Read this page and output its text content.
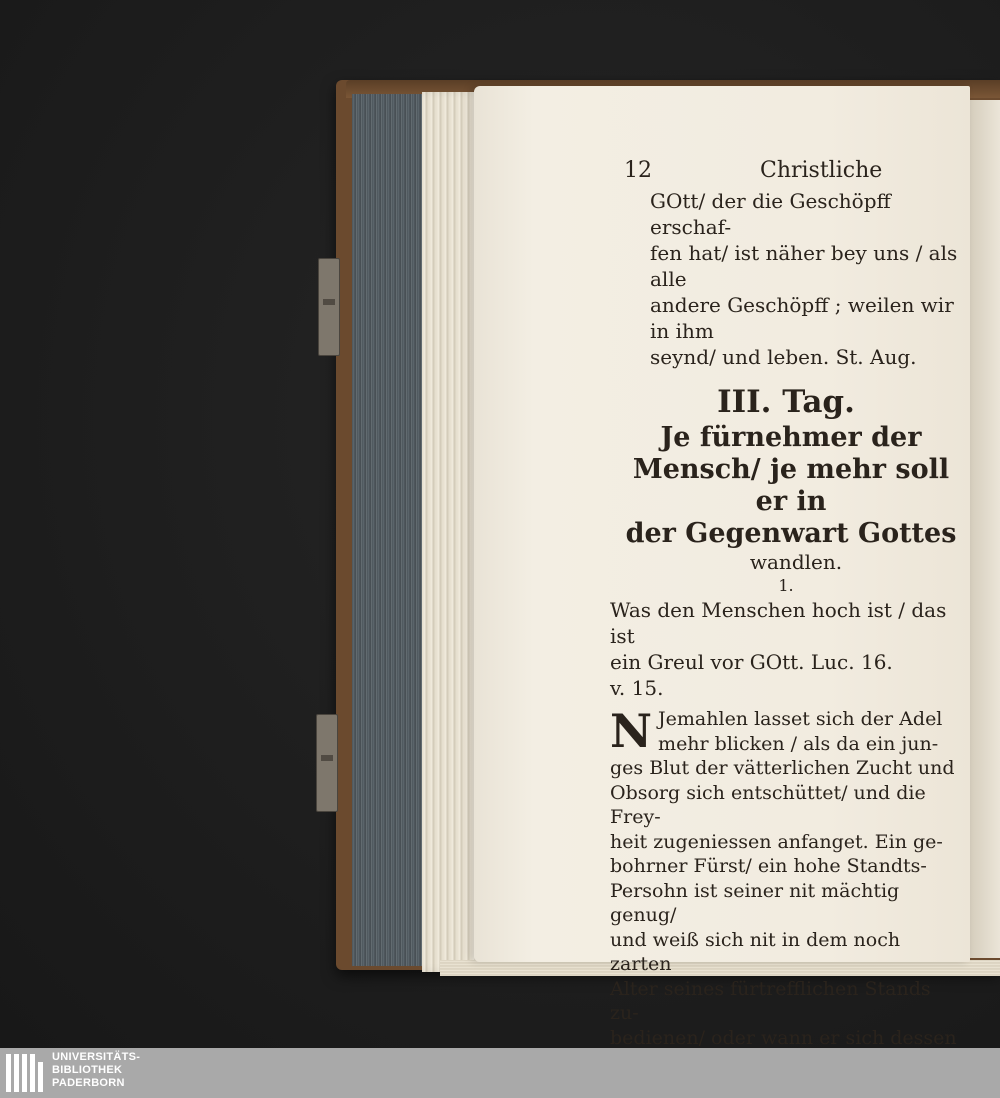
12	Christliche

GOtt/ der die Geschöpff erschaf-

fen hat/ ist näher bey uns / als alle

andere Geschöpff ; weilen wir in ihm

seynd/ und leben. St. Aug.

III. Tag.

Je fürnehmer der

Mensch/ je mehr soll er in

der Gegenwart Gottes

wandlen.

1.

Was den Menschen hoch ist / das ist

ein Greul vor GOtt. Luc. 16.

v. 15.

N Jemahlen lasset sich der Adel
mehr blicken / als da ein jun-
ges Blut der vätterlichen Zucht und
Obsorg sich entschüttet/ und die Frey-
heit zugeniessen anfanget. Ein ge-
bohrner Fürst/ ein hohe Standts-
Persohn ist seiner nit mächtig genug/
und weiß sich nit in dem noch zarten
Alter seines fürtrefflichen Stands zu-
bedienen/ oder wann er sich dessen

UNIVERSITÄTS-
BIBLIOTHEK
PADERBORN
